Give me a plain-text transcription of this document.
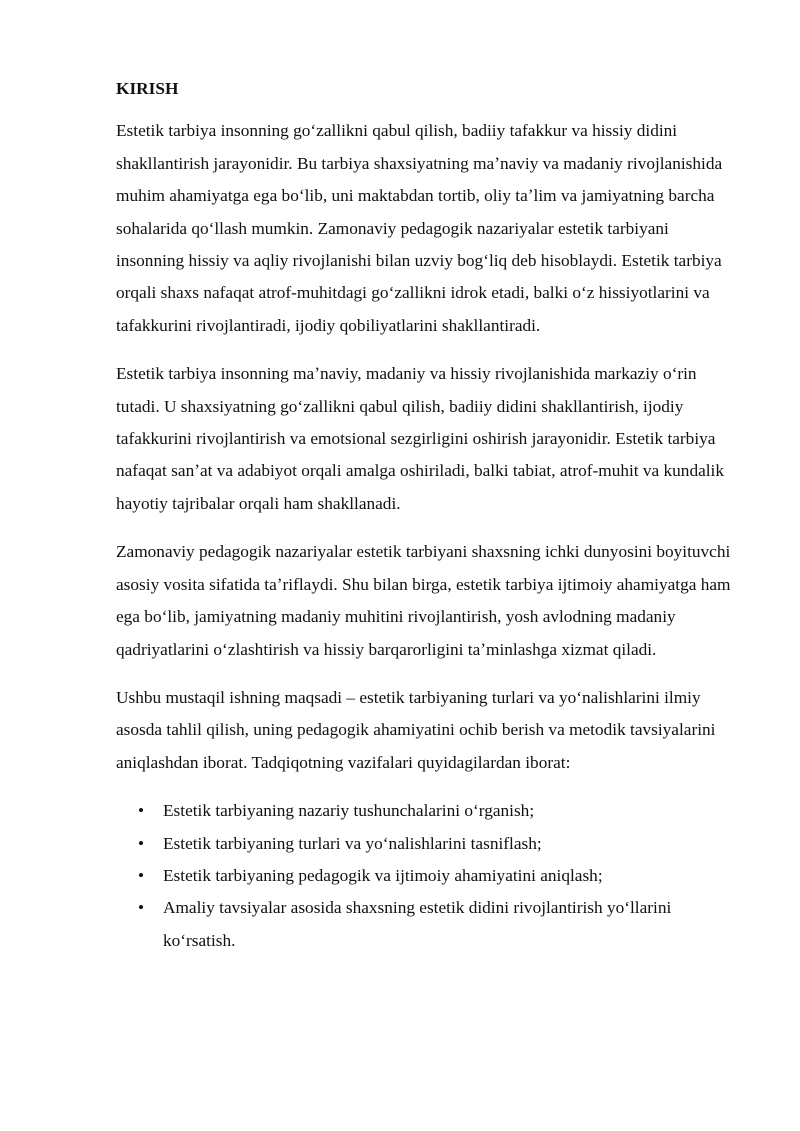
KIRISH

Estetik tarbiya insonning goʻzallikni qabul qilish, badiiy tafakkur va hissiy didini shakllantirish jarayonidir. Bu tarbiya shaxsiyatning maʼnaviy va madaniy rivojlanishida muhim ahamiyatga ega boʻlib, uni maktabdan tortib, oliy taʼlim va jamiyatning barcha sohalarida qoʻllash mumkin. Zamonaviy pedagogik nazariyalar estetik tarbiyani insonning hissiy va aqliy rivojlanishi bilan uzviy bogʻliq deb hisoblaydi. Estetik tarbiya orqali shaxs nafaqat atrof-muhitdagi goʻzallikni idrok etadi, balki oʻz hissiyotlarini va tafakkurini rivojlantiradi, ijodiy qobiliyatlarini shakllantiradi.

Estetik tarbiya insonning maʼnaviy, madaniy va hissiy rivojlanishida markaziy oʻrin tutadi. U shaxsiyatning goʻzallikni qabul qilish, badiiy didini shakllantirish, ijodiy tafakkurini rivojlantirish va emotsional sezgirligini oshirish jarayonidir. Estetik tarbiya nafaqat sanʼat va adabiyot orqali amalga oshiriladi, balki tabiat, atrof-muhit va kundalik hayotiy tajribalar orqali ham shakllanadi.

Zamonaviy pedagogik nazariyalar estetik tarbiyani shaxsning ichki dunyosini boyituvchi asosiy vosita sifatida taʼriflaydi. Shu bilan birga, estetik tarbiya ijtimoiy ahamiyatga ham ega boʻlib, jamiyatning madaniy muhitini rivojlantirish, yosh avlodning madaniy qadriyatlarini oʻzlashtirish va hissiy barqarorligini taʼminlashga xizmat qiladi.

Ushbu mustaqil ishning maqsadi – estetik tarbiyaning turlari va yoʻnalishlarini ilmiy asosda tahlil qilish, uning pedagogik ahamiyatini ochib berish va metodik tavsiyalarini aniqlashdan iborat. Tadqiqotning vazifalari quyidagilardan iborat:

• Estetik tarbiyaning nazariy tushunchalarini oʻrganish;
• Estetik tarbiyaning turlari va yoʻnalishlarini tasniflash;
• Estetik tarbiyaning pedagogik va ijtimoiy ahamiyatini aniqlash;
• Amaliy tavsiyalar asosida shaxsning estetik didini rivojlantirish yoʻllarini koʻrsatish.
